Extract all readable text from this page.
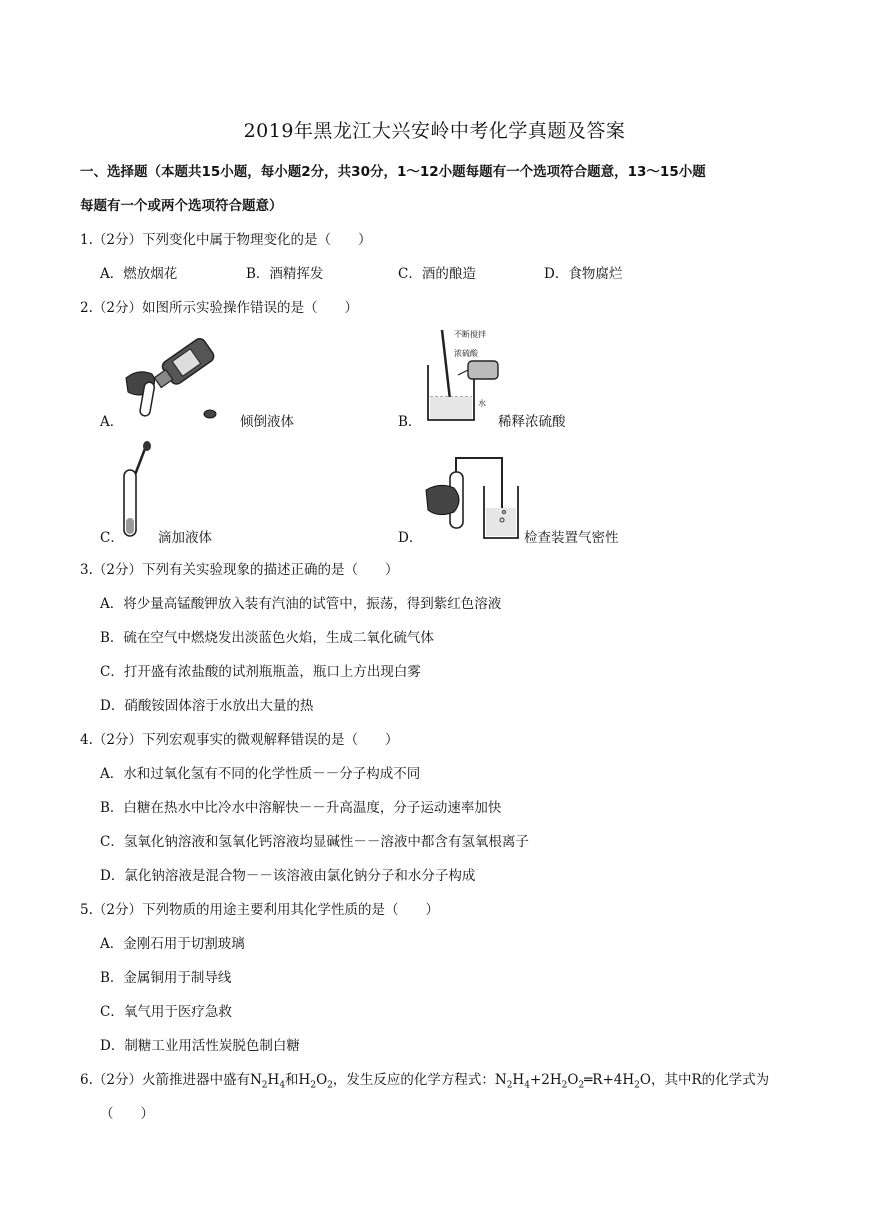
2019年黑龙江大兴安岭中考化学真题及答案
一、选择题（本题共15小题，每小题2分，共30分，1～12小题每题有一个选项符合题意，13～15小题
每题有一个或两个选项符合题意）
1.（2分）下列变化中属于物理变化的是（　　）
A．燃放烟花	B．酒精挥发	C．酒的酿造	D．食物腐烂
2.（2分）如图所示实验操作错误的是（　　）
A．	倾倒液体	B．
不断搅拌
浓硫酸
水
稀释浓硫酸
C．	滴加液体	D．	检查装置气密性
3.（2分）下列有关实验现象的描述正确的是（　　）
A．将少量高锰酸钾放入装有汽油的试管中，振荡，得到紫红色溶液
B．硫在空气中燃烧发出淡蓝色火焰，生成二氧化硫气体
C．打开盛有浓盐酸的试剂瓶瓶盖，瓶口上方出现白雾
D．硝酸铵固体溶于水放出大量的热
4.（2分）下列宏观事实的微观解释错误的是（　　）
A．水和过氧化氢有不同的化学性质－－分子构成不同
B．白糖在热水中比冷水中溶解快－－升高温度，分子运动速率加快
C．氢氧化钠溶液和氢氧化钙溶液均显碱性－－溶液中都含有氢氧根离子
D．氯化钠溶液是混合物－－该溶液由氯化钠分子和水分子构成
5.（2分）下列物质的用途主要利用其化学性质的是（　　）
A．金刚石用于切割玻璃
B．金属铜用于制导线
C．氧气用于医疗急救
D．制糖工业用活性炭脱色制白糖
6.（2分）火箭推进器中盛有$N_2H_4$和$H_2O_2$，发生反应的化学方程式：$N_2H_4+2H_2O_2═R+4H_2O$，其中R的化学式为
（　　）
